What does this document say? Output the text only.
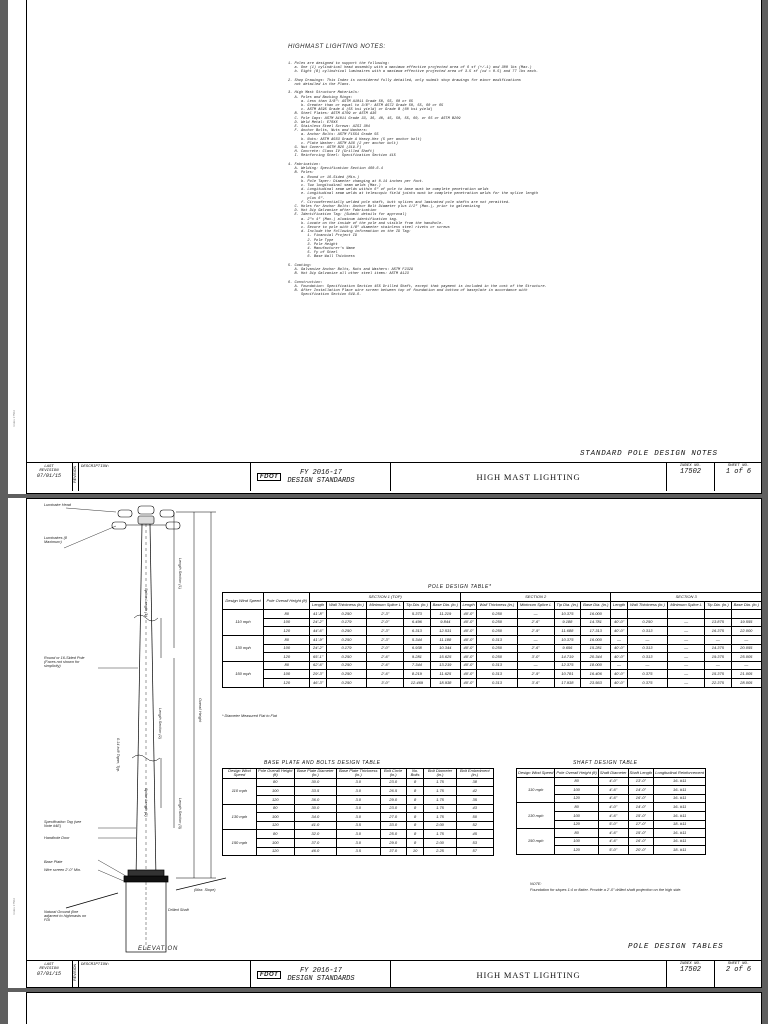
Index 17502

HIGHMAST LIGHTING NOTES:

1. Poles are designed to support the following:
a. One (1) cylindrical head assembly with a maximum effective projected area of 6 sf (+/-1) and 300 lbs (Max.)
b. Eight (8) cylindrical luminaires with a maximum effective projected area of 3.5 sf (cd = 0.5) and 77 lbs each.

2. Shop Drawings: This Index is considered fully detailed, only submit shop drawings for minor modifications
not detailed in the Plans.

3. High Mast Structure Materials:
A. Poles and Backing Rings:
a. Less than 3/8": ASTM A1011 Grade 50, 55, 60 or 65
b. Greater than or equal to 3/8": ASTM A572 Grade 50, 55, 60 or 65
c. ASTM A595 Grade A (55 ksi yield) or Grade B (60 ksi yield)
B. Steel Plates: ASTM A709 or ASTM A36
C. Pole Caps: ASTM A1011 Grade 33, 36, 40, 45, 50, 55, 60, or 65 or ASTM B209
D. Weld Metal: E70XX
E. Stainless Steel Screws: AISI 304
F. Anchor Bolts, Nuts and Washers:
a. Anchor Bolts: ASTM F1554 Grade 55
b. Nuts: ASTM A563 Grade A Heavy-Hex (5 per anchor bolt)
c. Plate Washer: ASTM A36 (2 per anchor bolt)
G. Nut Covers: ASTM B26 (319-F)
H. Concrete: Class IV (Drilled Shaft)
I. Reinforcing Steel: Specification Section 415

4. Fabrication:
A. Welding: Specification Section 460-6.4
B. Poles:
a. Round or 16-Sided (Min.)
b. Pole Taper: Diameter changing at 0.14 inches per foot.
c. Two longitudinal seam welds (Max.)
d. Longitudinal seam welds within 6" of pole to base must be complete penetration welds
e. Longitudinal seam welds at telescopic field joints must be complete penetration welds for the splice length
plus 6".
f. Circumferentially welded pole shaft, butt splices and laminated pole shafts are not permitted.
C. Holes for Anchor Bolts: Anchor Bolt Diameter plus 1/2" (Max.), prior to galvanizing
D. Hot Dip Galvanize after Fabrication
E. Identification Tag: (Submit details for approval)
a. 2"x 4" (Max.) aluminum identification tag.
b. Locate on the inside of the pole and visible from the handhole.
c. Secure to pole with 1/8" diameter stainless steel rivets or screws
d. Include the following information on the ID Tag:
1. Financial Project ID
2. Pole Type
3. Pole Height
4. Manufacturer's Name
5. Fy of Steel
6. Base Wall Thickness

5. Coating:
A. Galvanize Anchor Bolts, Nuts and Washers: ASTM F2329
B. Hot Dip Galvanize all other steel items: ASTM A123

6. Construction:
A. Foundation: Specification Section 455 Drilled Shaft, except that payment is included in the cost of the Structure.
B. After Installation Place wire screen between top of foundation and bottom of baseplate in accordance with
Specification Section 649-6.

STANDARD POLE DESIGN NOTES
LAST
REVISION
07/01/15	REVISION DESCRIPTION:
FDOT	FY 2016-17
DESIGN STANDARDS	HIGH MAST LIGHTING
INDEX NO.
17502
SHEET NO.
1 of 6
Index 17502
Luminaire Head
Luminaires (8 Maximum)
Round or 16-Sided Pole (Faces not shown for simplicity)
Specification Tag (see Note #4E)
Handhole Door
Base Plate
Wire screen 2'-0" Min.
Natural Ground (line adjacent to highmasts on FDI
Drilled Shaft
(Max. Slope)
Overall Height
Length Section (1)
Length Section (2)
Length Section (3)
Splice Length (1)
Splice Length (2)
0.14 in/ft Taper, Typ.
ELEVATION
POLE DESIGN TABLE*
Design Wind Speed	Pole Overall Height (ft)	SECTION 1 (TOP)					SECTION 2					SECTION 3				
		Length	Wall Thickness (in.)	Minimum Splice L	Tip Dia. (in.)	Base Dia. (in.)	Length	Wall Thickness (in.)	Minimum Splice L	Tip Dia. (in.)	Base Dia. (in.)	Length	Wall Thickness (in.)	Minimum Splice L	Tip Dia. (in.)	Base Dia. (in.)
110 mph	80	41'-8"	0.250	2'-3"	5.373	11.219	40'-0"	0.250	—	10.375	16.000					
	100	24'-2"	0.179	2'-0"	6.496	9.844	40'-0"	0.250	2'-6"	9.188	14.781	40'-0"	0.250	—	13.875	19.555
	120	44'-6"	0.250	2'-3"	6.313	12.531	40'-0"	0.250	2'-9"	11.688	17.313	40'-0"	0.313	—	16.375	22.000
130 mph	80	41'-9"	0.250	2'-3"	5.344	11.188	40'-0"	0.313	—	10.375	16.000	—	—	—	—	—
	100	24'-2"	0.179	2'-0"	6.938	10.344	40'-0"	0.250	2'-6"	9.656	15.281	40'-0"	0.313	—	14.375	20.055
	120	65'-1"	0.250	2'-6"	9.281	15.625	40'-0"	0.250	3'-0"	14.719	20.344	40'-0"	0.313	—	19.375	25.005
150 mph	80	62'-6"	0.250	2'-6"	7.344	13.219	40'-0"	0.313	—	12.375	18.000	—	—	—	—	—
	100	29'-3"	0.250	2'-6"	8.219	11.625	40'-0"	0.313	2'-9"	10.781	16.406	40'-0"	0.375	—	15.375	21.005
	120	46'-3"	0.250	3'-0"	12.469	18.938	40'-0"	0.313	3'-6"	17.938	23.563	40'-0"	0.375	—	22.375	28.005
* Diameter Measured Flat to Flat
BASE PLATE AND BOLTS DESIGN TABLE
Design Wind Speed	Pole Overall Height (ft)	Base Plate Diameter (in.)	Base Plate Thickness (in.)	Bolt Circle (in.)	No. Bolts	Bolt Diameter (in.)	Bolt Embedment (in.)
110 mph	80	30.0	3.0	23.0	8	1.75	38
	100	33.5	3.0	26.5	8	1.75	42
	120	36.0	3.0	29.0	8	1.75	35
130 mph	80	30.0	3.0	23.0	8	1.75	43
	100	34.0	3.0	27.0	8	1.75	50
	120	41.0	3.5	33.0	8	2.00	52
150 mph	80	32.0	3.0	25.0	8	1.75	45
	100	37.0	3.0	29.0	8	2.00	53
	120	46.0	3.5	37.0	10	2.25	57
SHAFT DESIGN TABLE
Design Wind Speed	Pole Overall Height (ft)	Shaft Diameter	Shaft Length	Longitudinal Reinforcement
110 mph	80	4'-0"	13'-0"	16- #11
	100	4'-6"	14'-0"	16- #11
	120	4'-6"	16'-0"	16- #11
130 mph	80	4'-0"	14'-0"	16- #11
	100	4'-6"	15'-0"	16- #11
	120	5'-0"	17'-0"	18- #11
150 mph	80	4'-6"	15'-0"	16- #11
	100	4'-6"	16'-0"	16- #11
	120	5'-0"	20'-0"	18- #11
NOTE:
Foundation for slopes 1:4 or flatter. Provide a 2'-0" drilled shaft projection on the high side.
POLE DESIGN TABLES
LAST
REVISION
07/01/15	REVISION DESCRIPTION:
FDOT	FY 2016-17
DESIGN STANDARDS	HIGH MAST LIGHTING
INDEX NO.
17502
SHEET NO.
2 of 6
